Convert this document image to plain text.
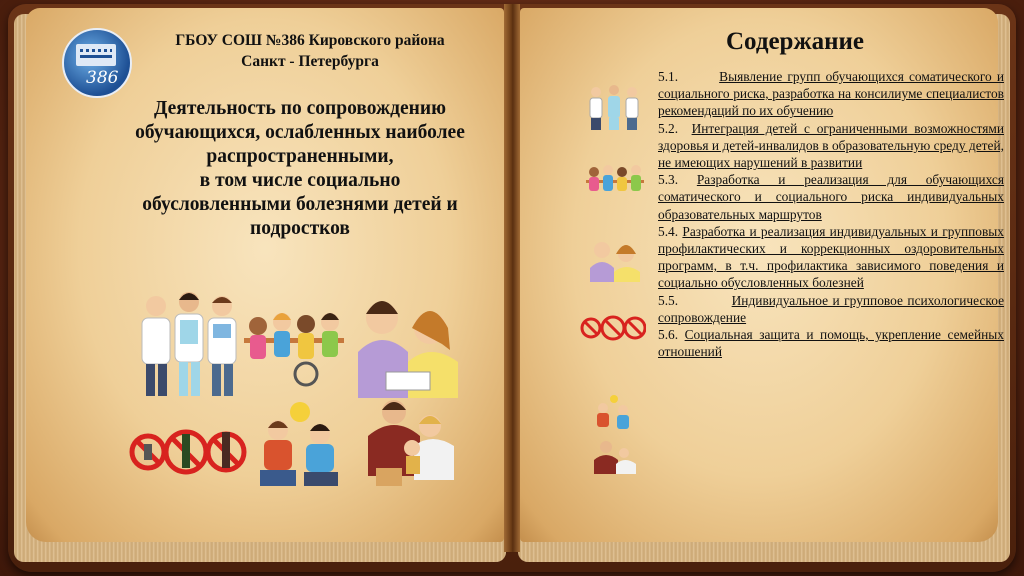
386
ГБОУ СОШ №386 Кировского района
Санкт - Петербурга
Деятельность по сопровождению
обучающихся, ослабленных наиболее
распространенными,
в том числе социально
обусловленными болезнями детей и
подростков
Содержание

5.1.	Выявление групп обучающихся соматического и социального риска, разработка на консилиуме специалистов рекомендаций по их обучению

5.2. Интеграция детей с ограниченными возможностями здоровья и детей-инвалидов в образовательную среду детей, не имеющих нарушений в развитии

5.3. Разработка и реализация для обучающихся соматического и социального риска индивидуальных образовательных маршрутов

5.4. Разработка и реализация индивидуальных и групповых профилактических и коррекционных оздоровительных программ, в т.ч. профилактика зависимого поведения и социально обусловленных болезней

5.5.	Индивидуальное и групповое психологическое сопровождение

5.6. Социальная защита и помощь, укрепление семейных отношений
